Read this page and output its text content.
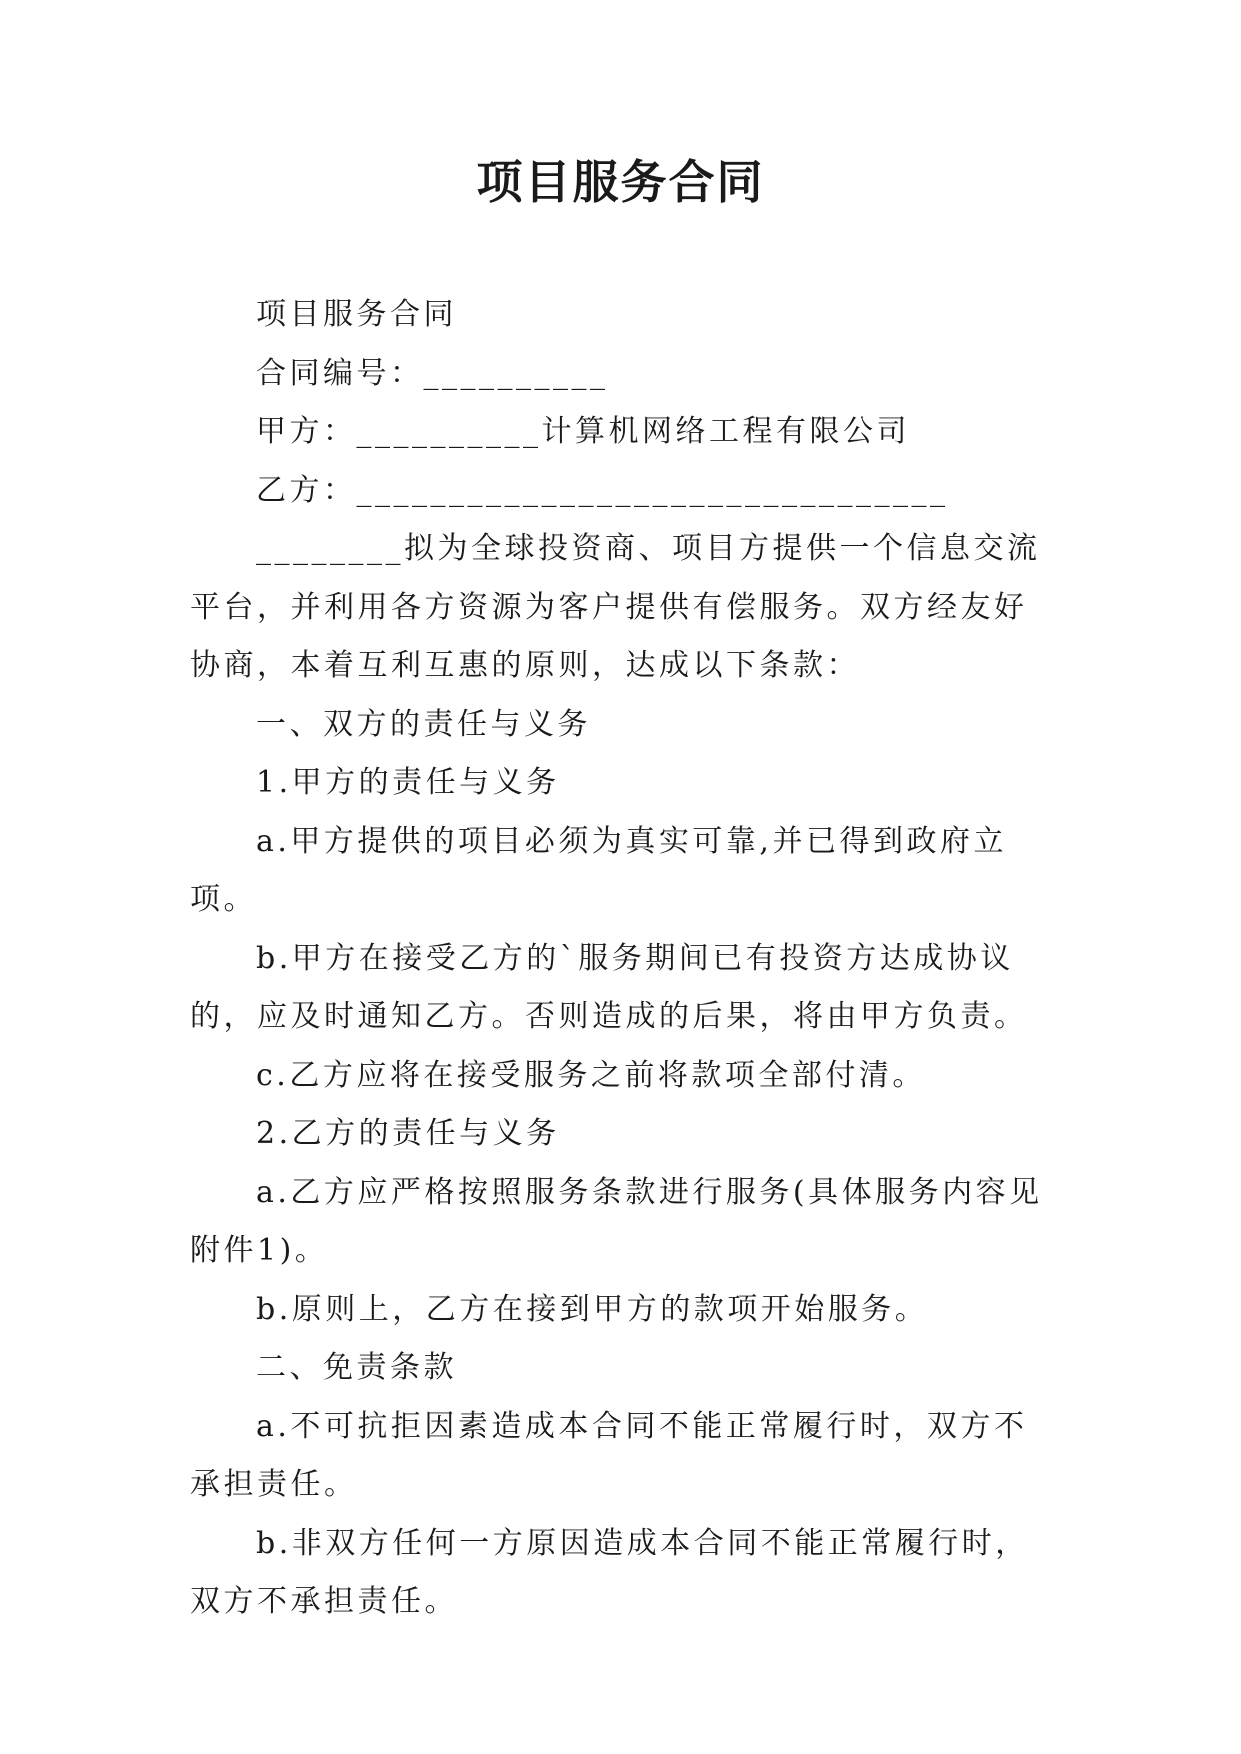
项目服务合同

项目服务合同

合同编号：__________

甲方：__________计算机网络工程有限公司

乙方：________________________________

________拟为全球投资商、项目方提供一个信息交流平台，并利用各方资源为客户提供有偿服务。双方经友好协商，本着互利互惠的原则，达成以下条款：

一、双方的责任与义务

1.甲方的责任与义务

a.甲方提供的项目必须为真实可靠,并已得到政府立项。

b.甲方在接受乙方的`服务期间已有投资方达成协议的，应及时通知乙方。否则造成的后果，将由甲方负责。

c.乙方应将在接受服务之前将款项全部付清。

2.乙方的责任与义务

a.乙方应严格按照服务条款进行服务(具体服务内容见附件1)。

b.原则上，乙方在接到甲方的款项开始服务。

二、免责条款

a.不可抗拒因素造成本合同不能正常履行时，双方不承担责任。

b.非双方任何一方原因造成本合同不能正常履行时，双方不承担责任。
